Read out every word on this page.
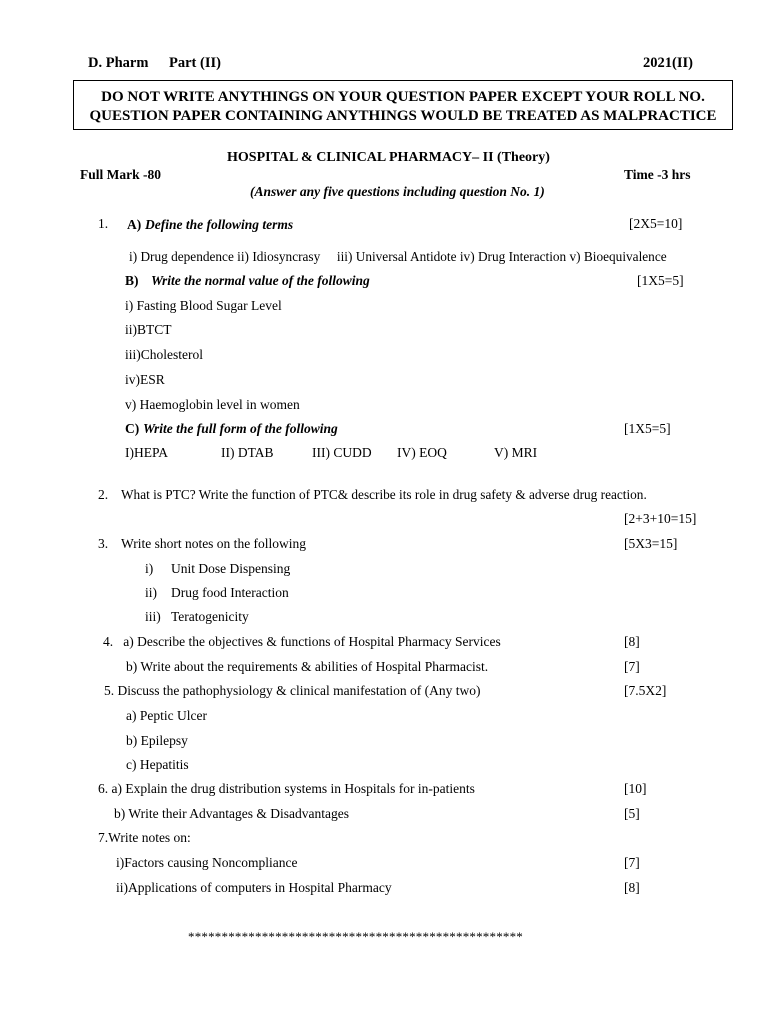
D. Pharm Part (II)	2021(II)
DO NOT WRITE ANYTHINGS ON YOUR QUESTION PAPER EXCEPT YOUR ROLL NO.
QUESTION PAPER CONTAINING ANYTHINGS WOULD BE TREATED AS MALPRACTICE
HOSPITAL & CLINICAL PHARMACY– II (Theory)
Full Mark -80	Time -3 hrs
(Answer any five questions including question No. 1)
1. A) Define the following terms	[2X5=10]
i) Drug dependence ii) Idiosyncrasy     iii) Universal Antidote iv) Drug Interaction v) Bioequivalence
B) Write the normal value of the following	[1X5=5]
i) Fasting Blood Sugar Level
ii)BTCT
iii)Cholesterol
iv)ESR
v) Haemoglobin level in women
C) Write the full form of the following	[1X5=5]
I)HEPA	II) DTAB	III) CUDD IV) EOQ	V) MRI
2. What is PTC? Write the function of PTC& describe its role in drug safety & adverse drug reaction.
[2+3+10=15]
3. Write short notes on the following	[5X3=15]
i) Unit Dose Dispensing
ii) Drug food Interaction
iii) Teratogenicity
4.   a) Describe the objectives & functions of Hospital Pharmacy Services	[8]
b) Write about the requirements & abilities of Hospital Pharmacist.	[7]
5. Discuss the pathophysiology & clinical manifestation of (Any two)	[7.5X2]
a) Peptic Ulcer
b) Epilepsy
c) Hepatitis
6. a) Explain the drug distribution systems in Hospitals for in-patients	[10]
b) Write their Advantages & Disadvantages	[5]
7.Write notes on:
i)Factors causing Noncompliance	[7]
ii)Applications of computers in Hospital Pharmacy	[8]
**************************************************
